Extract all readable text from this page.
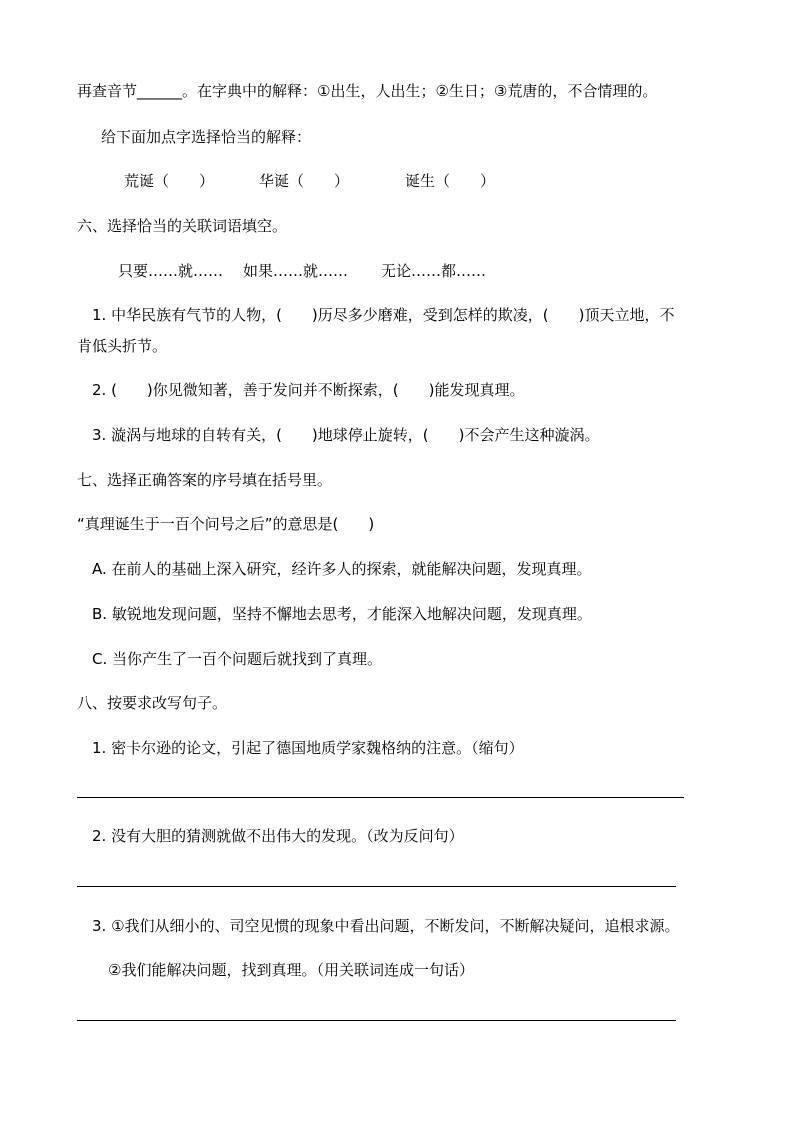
再查音节______。在字典中的解释：①出生，人出生；②生日；③荒唐的，不合情理的。
给下面加点字选择恰当的解释：
荒诞（　　）	华诞（　　）	诞生（　　）
六、选择恰当的关联词语填空。
只要……就…… 如果……就…… 无论……都……
1. 中华民族有气节的人物，(　　)历尽多少磨难，受到怎样的欺凌，(　　)顶天立地，不
肯低头折节。
2. (　　)你见微知著，善于发问并不断探索，(　　)能发现真理。
3. 漩涡与地球的自转有关，(　　)地球停止旋转，(　　)不会产生这种漩涡。
七、选择正确答案的序号填在括号里。
“真理诞生于一百个问号之后”的意思是(　　)
A. 在前人的基础上深入研究，经许多人的探索，就能解决问题，发现真理。
B. 敏锐地发现问题，坚持不懈地去思考，才能深入地解决问题，发现真理。
C. 当你产生了一百个问题后就找到了真理。
八、按要求改写句子。
1. 密卡尔逊的论文，引起了德国地质学家魏格纳的注意。（缩句）
2. 没有大胆的猜测就做不出伟大的发现。（改为反问句）
3. ①我们从细小的、司空见惯的现象中看出问题，不断发问，不断解决疑问，追根求源。
②我们能解决问题，找到真理。（用关联词连成一句话）
